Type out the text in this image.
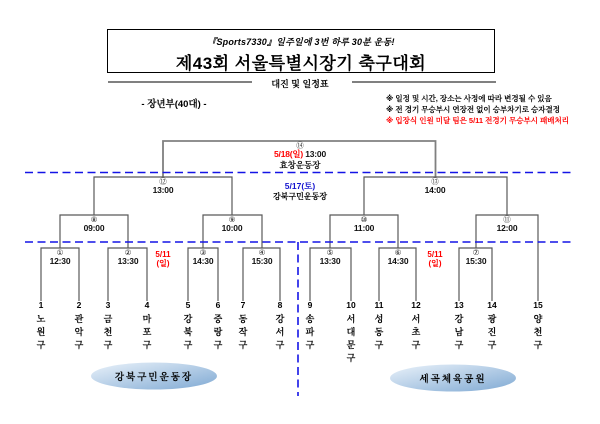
『Sports7330』일주일에 3번 하루 30분 운동!
제43회 서울특별시장기 축구대회
대진 및 일정표
- 장년부(40대) -
※ 일정 및 시간, 장소는 사정에 따라 변경될 수 있음
※ 전 경기 무승부시 연장전 없이 승부차기로 승자결정
※ 입장식 인원 미달 팀은 5/11 전경기 무승부시 패배처리
⑭
5/18(일) 13:00
효창운동장
⑫
13:00
⑬
14:00
5/17(토)
강북구민운동장
⑧
09:00
⑨
10:00
⑩
11:00
⑪
12:00
①
12:30
②
13:30
③
14:30
④
15:30
⑤
13:30
⑥
14:30
⑦
15:30
5/11
(일)
5/11
(일)
1
노원구
2
관악구
3
금천구
4
마포구
5
강북구
6
중랑구
7
동작구
8
강서구
9
송파구
10
서대문구
11
성동구
12
서초구
13
강남구
14
광진구
15
양천구
강북구민운동장	세곡체육공원
